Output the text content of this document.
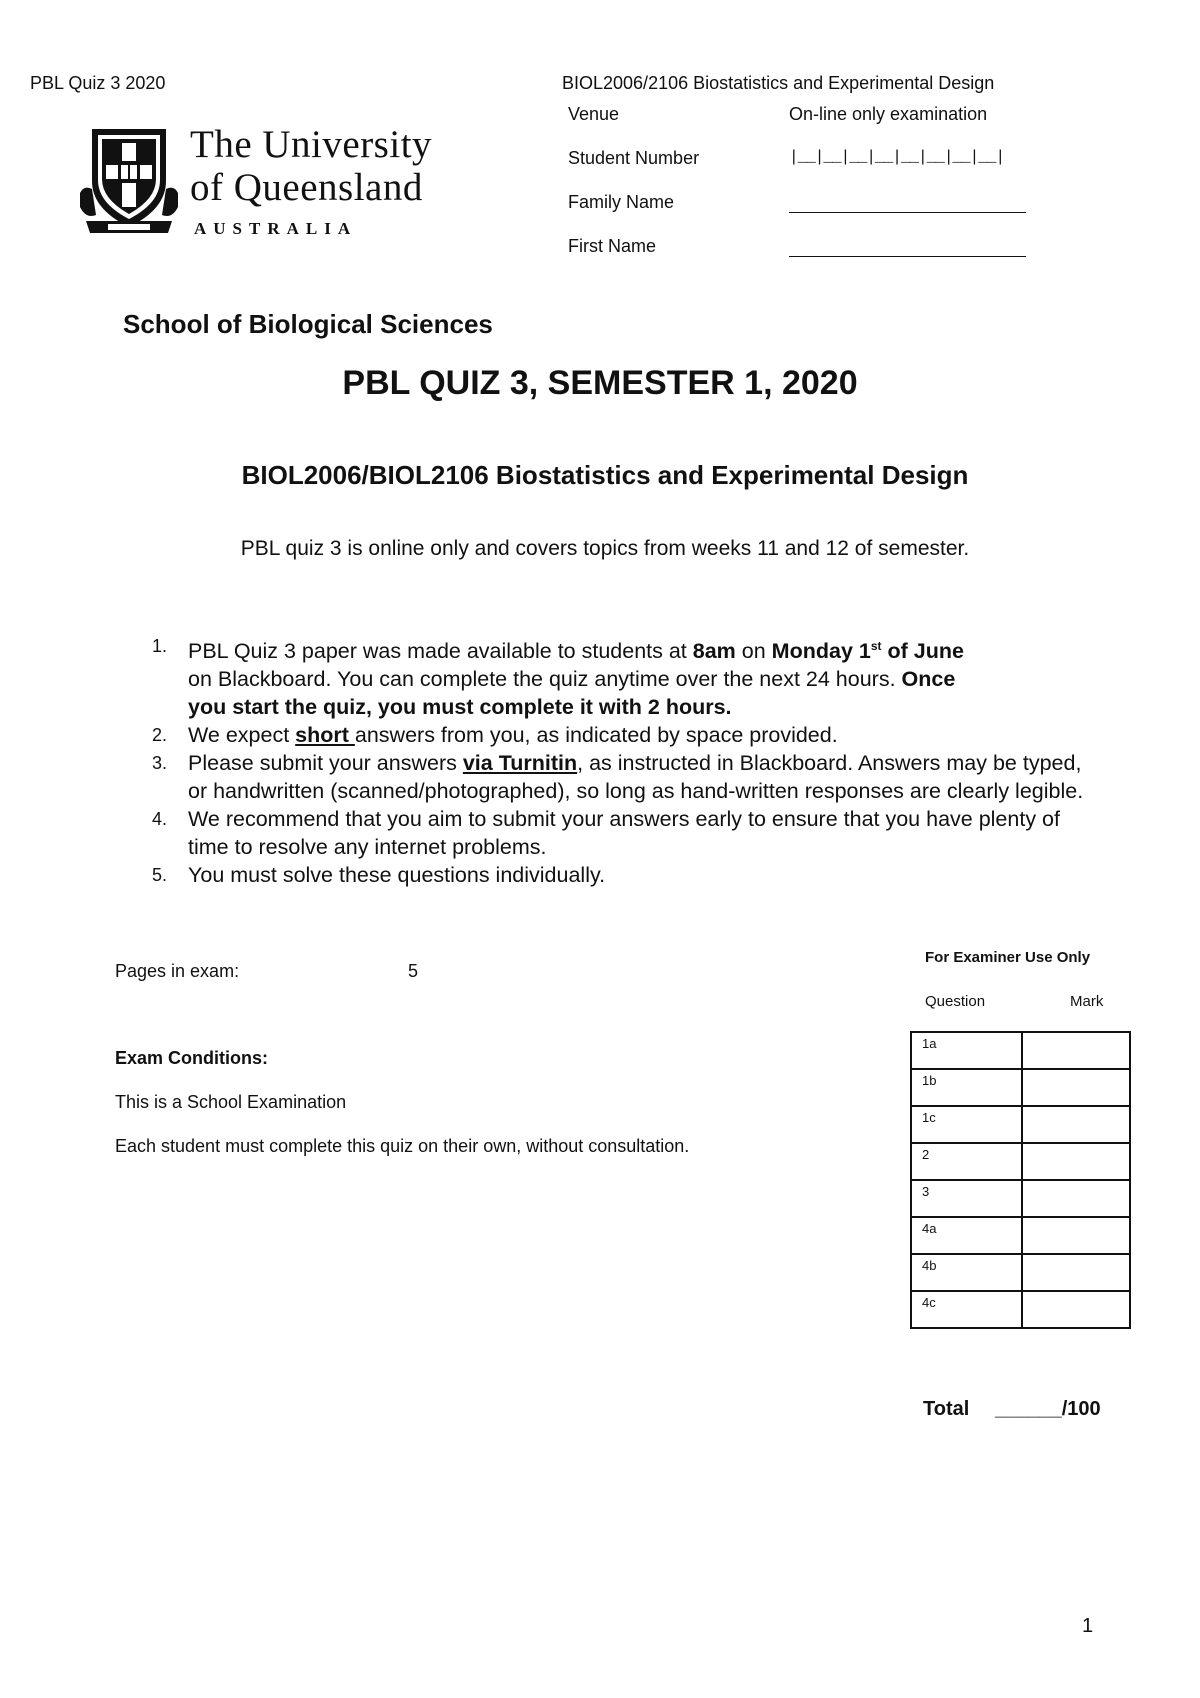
PBL Quiz 3 2020	BIOL2006/2106 Biostatistics and Experimental Design
The University
of Queensland
AUSTRALIA
Venue	On-line only examination
Student Number	|__|__|__|__|__|__|__|__|
Family Name
First Name
School of Biological Sciences
PBL QUIZ 3, SEMESTER 1, 2020
BIOL2006/BIOL2106 Biostatistics and Experimental Design
PBL quiz 3 is online only and covers topics from weeks 11 and 12 of semester.
1. PBL Quiz 3 paper was made available to students at 8am on Monday 1st of June
on Blackboard. You can complete the quiz anytime over the next 24 hours. Once
you start the quiz, you must complete it with 2 hours.
2. We expect short answers from you, as indicated by space provided.
3. Please submit your answers via Turnitin, as instructed in Blackboard. Answers may be typed, or handwritten (scanned/photographed), so long as hand-written responses are clearly legible.
4. We recommend that you aim to submit your answers early to ensure that you have plenty of time to resolve any internet problems.
5. You must solve these questions individually.
Pages in exam:	5
Exam Conditions:
This is a School Examination
Each student must complete this quiz on their own, without consultation.
For Examiner Use Only
Question	Mark
1a	
1b	
1c	
2	
3	
4a	
4b	
4c	
Total ______/100
1
